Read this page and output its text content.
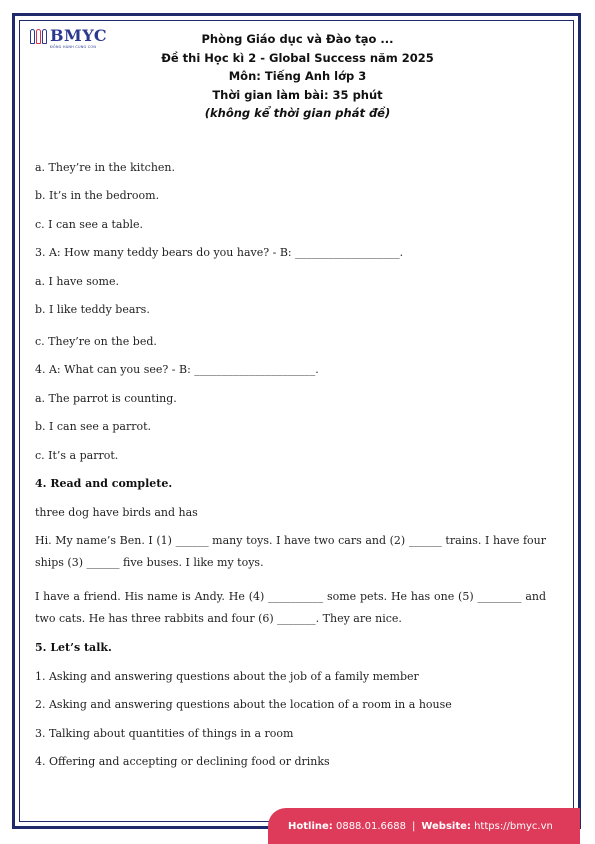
BMYC
ĐỒNG HÀNH CÙNG CON
Phòng Giáo dục và Đào tạo ...
Đề thi Học kì 2 - Global Success năm 2025
Môn: Tiếng Anh lớp 3
Thời gian làm bài: 35 phút
(không kể thời gian phát đề)
a. They’re in the kitchen.
b. It’s in the bedroom.
c. I can see a table.
3. A: How many teddy bears do you have? - B: ___________________.
a. I have some.
b. I like teddy bears.
c. They’re on the bed.
4. A: What can you see? - B: ______________________.
a. The parrot is counting.
b. I can see a parrot.
c. It’s a parrot.
4. Read and complete.
three dog have birds and has
Hi. My name’s Ben. I (1) ______ many toys. I have two cars and (2) ______ trains. I have four ships (3) ______ five buses. I like my toys.
I have a friend. His name is Andy. He (4) __________ some pets. He has one (5) ________ and two cats. He has three rabbits and four (6) _______. They are nice.
5. Let’s talk.
1. Asking and answering questions about the job of a family member
2. Asking and answering questions about the location of a room in a house
3. Talking about quantities of things in a room
4. Offering and accepting or declining food or drinks
Hotline:
0888.01.6688 | Website:
https://bmyc.vn
